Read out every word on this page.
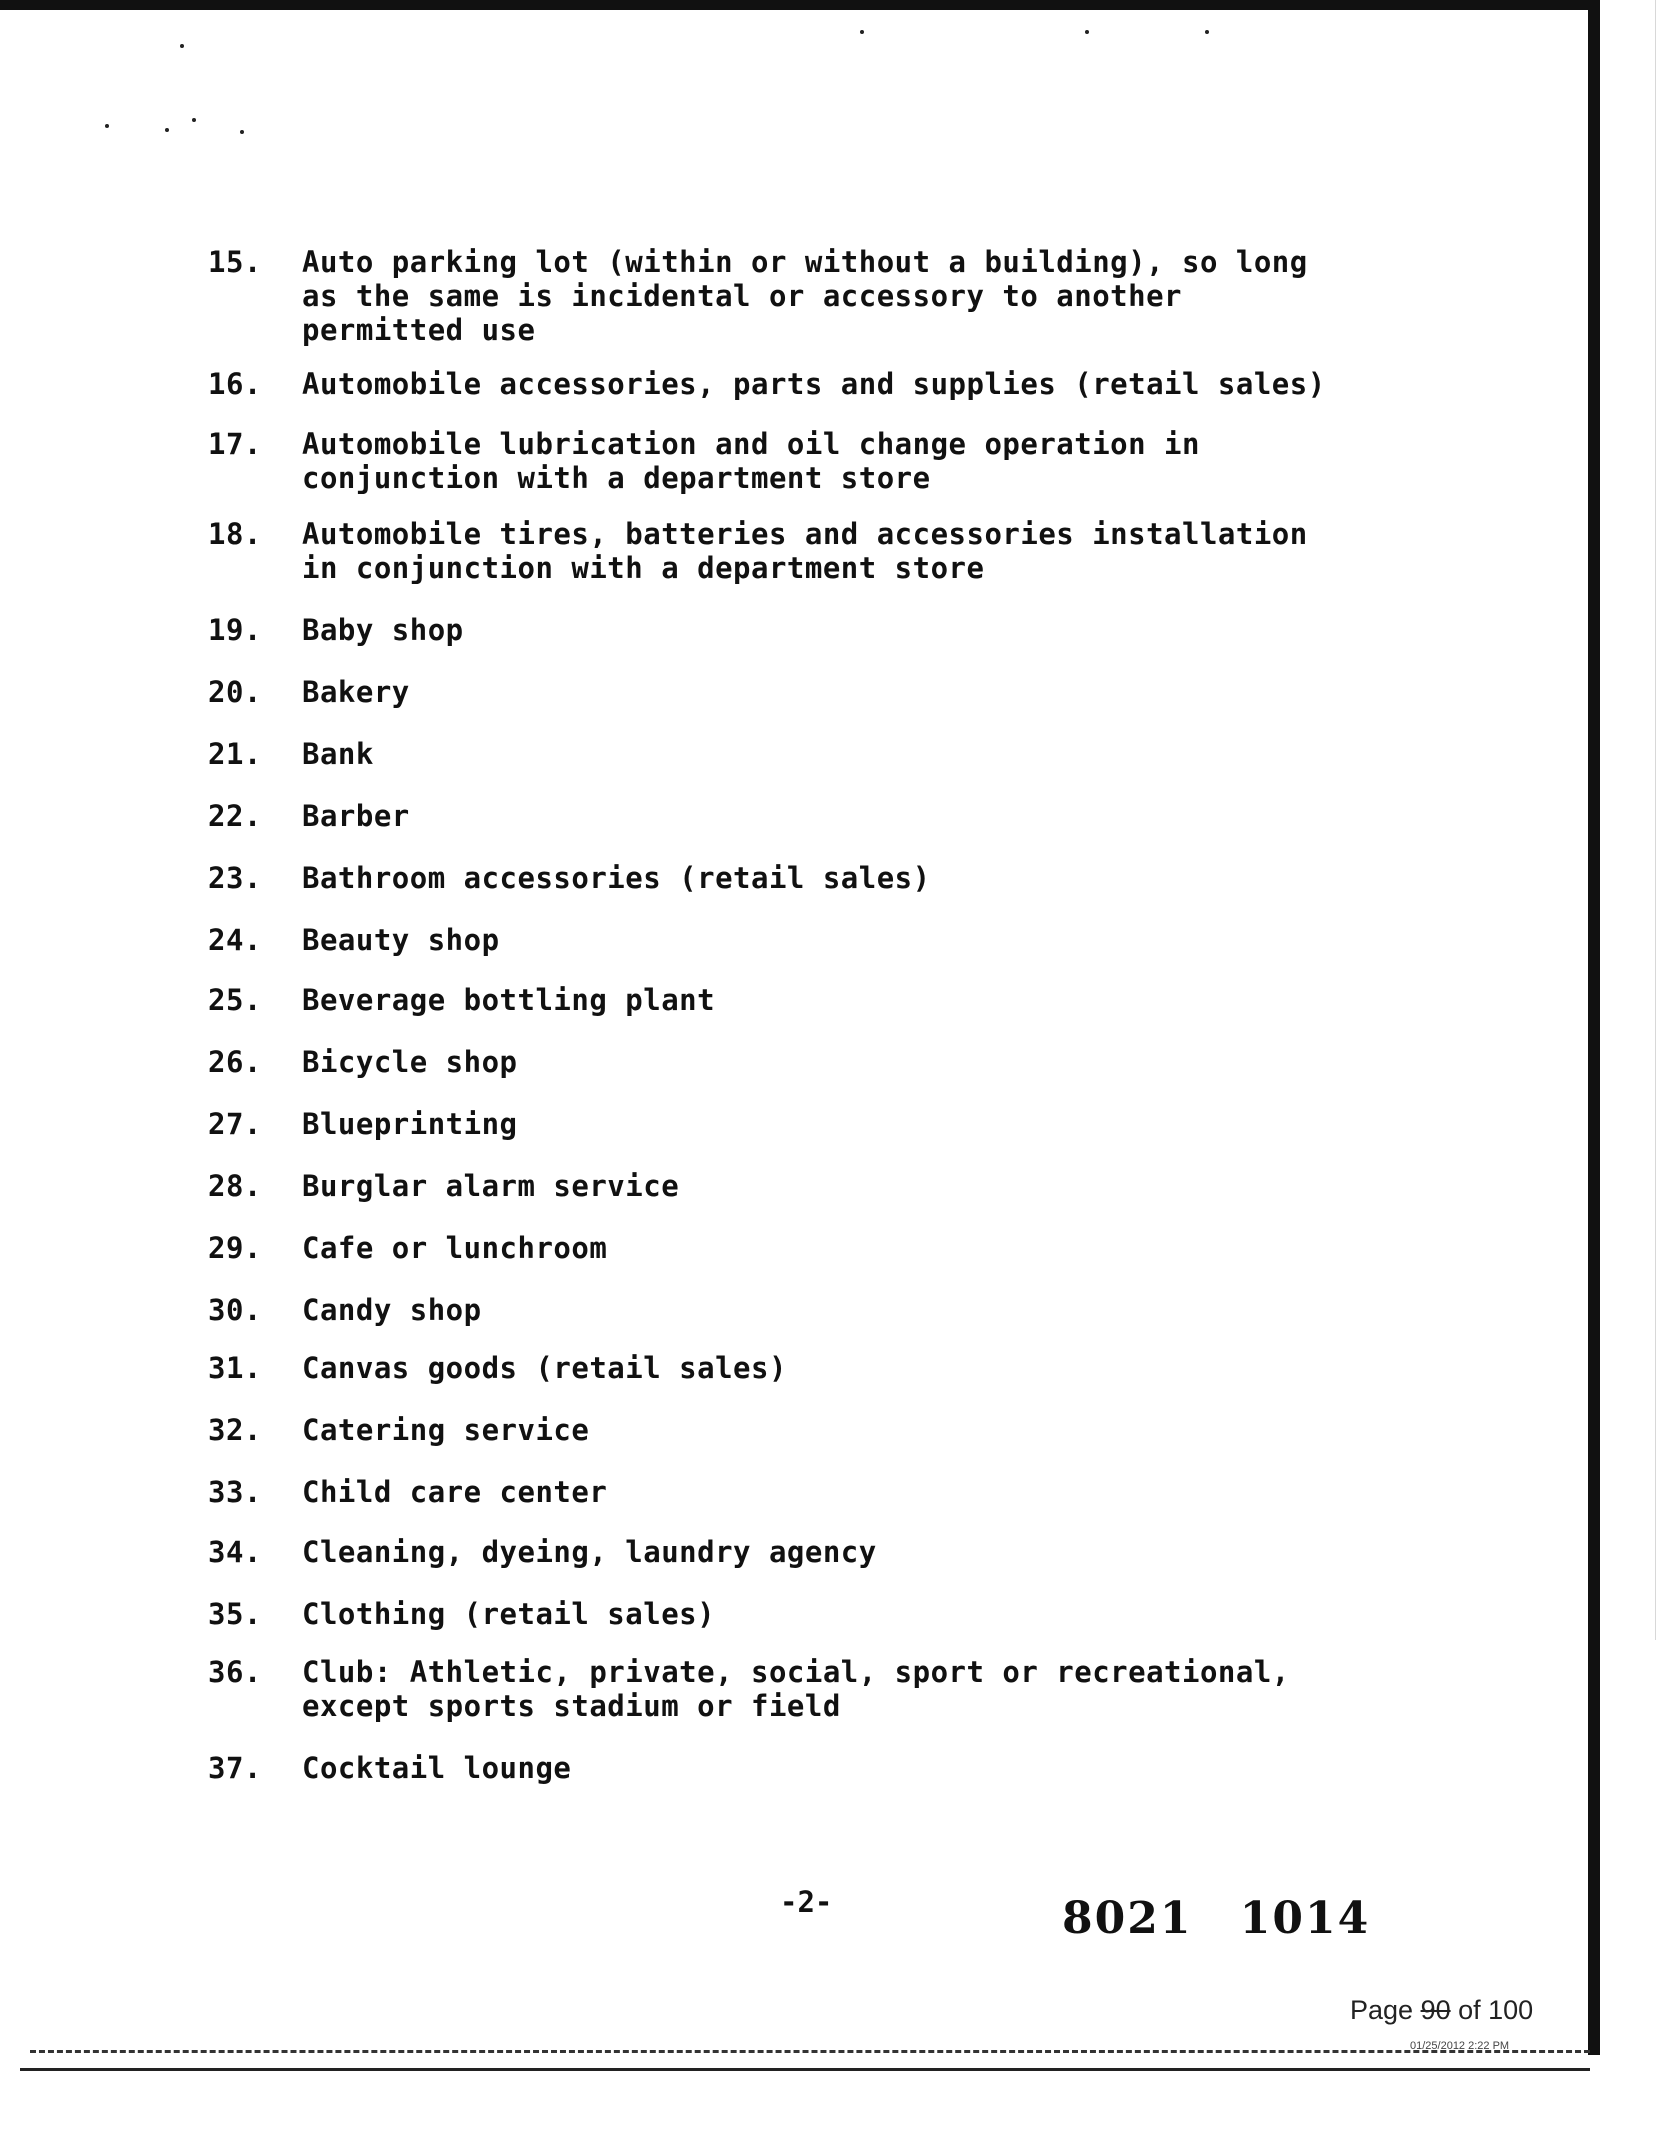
15.	Auto parking lot (within or without a building), so long
as the same is incidental or accessory to another
permitted use
16.	Automobile accessories, parts and supplies (retail sales)
17.	Automobile lubrication and oil change operation in
conjunction with a department store
18.	Automobile tires, batteries and accessories installation
in conjunction with a department store
19.	Baby shop
20.	Bakery
21.	Bank
22.	Barber
23.	Bathroom accessories (retail sales)
24.	Beauty shop
25.	Beverage bottling plant
26.	Bicycle shop
27.	Blueprinting
28.	Burglar alarm service
29.	Cafe or lunchroom
30.	Candy shop
31.	Canvas goods (retail sales)
32.	Catering service
33.	Child care center
34.	Cleaning, dyeing, laundry agency
35.	Clothing (retail sales)
36.	Club: Athletic, private, social, sport or recreational,
except sports stadium or field
37.	Cocktail lounge
-2-	8021 1014
Page 90 of 100
01/25/2012 2:22 PM
